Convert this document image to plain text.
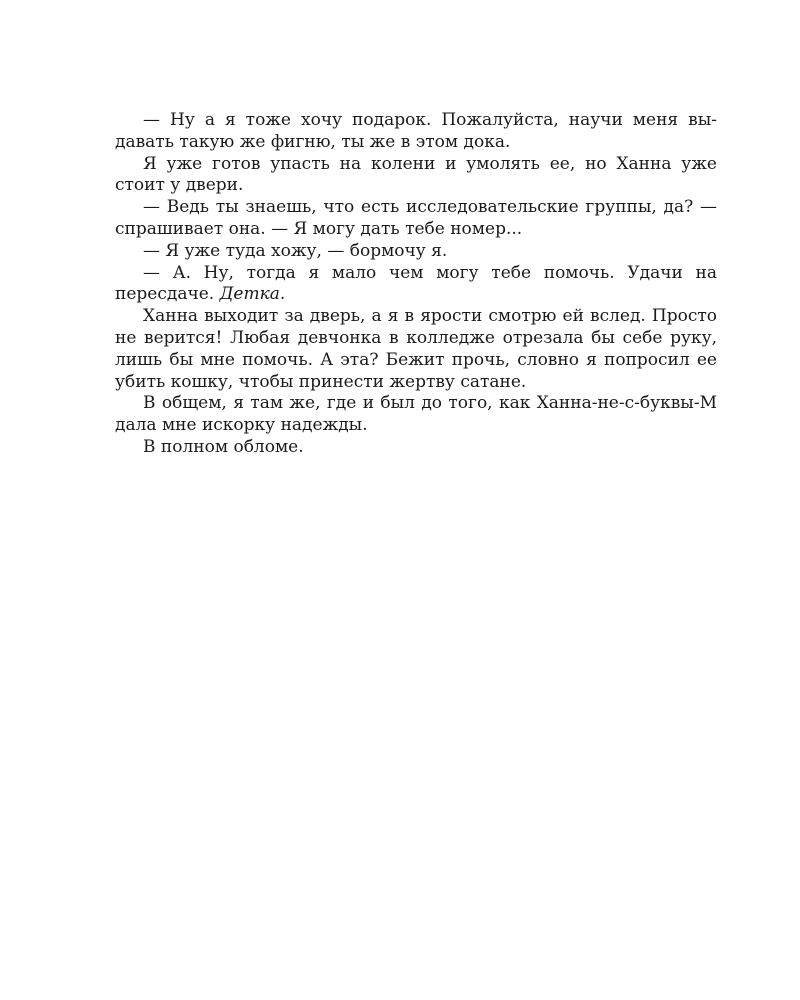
— Ну а я тоже хочу подарок. Пожалуйста, научи меня выдавать такую же фигню, ты же в этом дока.

Я уже готов упасть на колени и умолять ее, но Ханна уже стоит у двери.

— Ведь ты знаешь, что есть исследовательские группы, да? — спрашивает она. — Я могу дать тебе номер...

— Я уже туда хожу, — бормочу я.

— А. Ну, тогда я мало чем могу тебе помочь. Удачи на пересдаче. Детка.

Ханна выходит за дверь, а я в ярости смотрю ей вслед. Просто не верится! Любая девчонка в колледже отрезала бы себе руку, лишь бы мне помочь. А эта? Бежит прочь, словно я попросил ее убить кошку, чтобы принести жертву сатане.

В общем, я там же, где и был до того, как Ханна-не-с-буквы-М дала мне искорку надежды.

В полном обломе.
